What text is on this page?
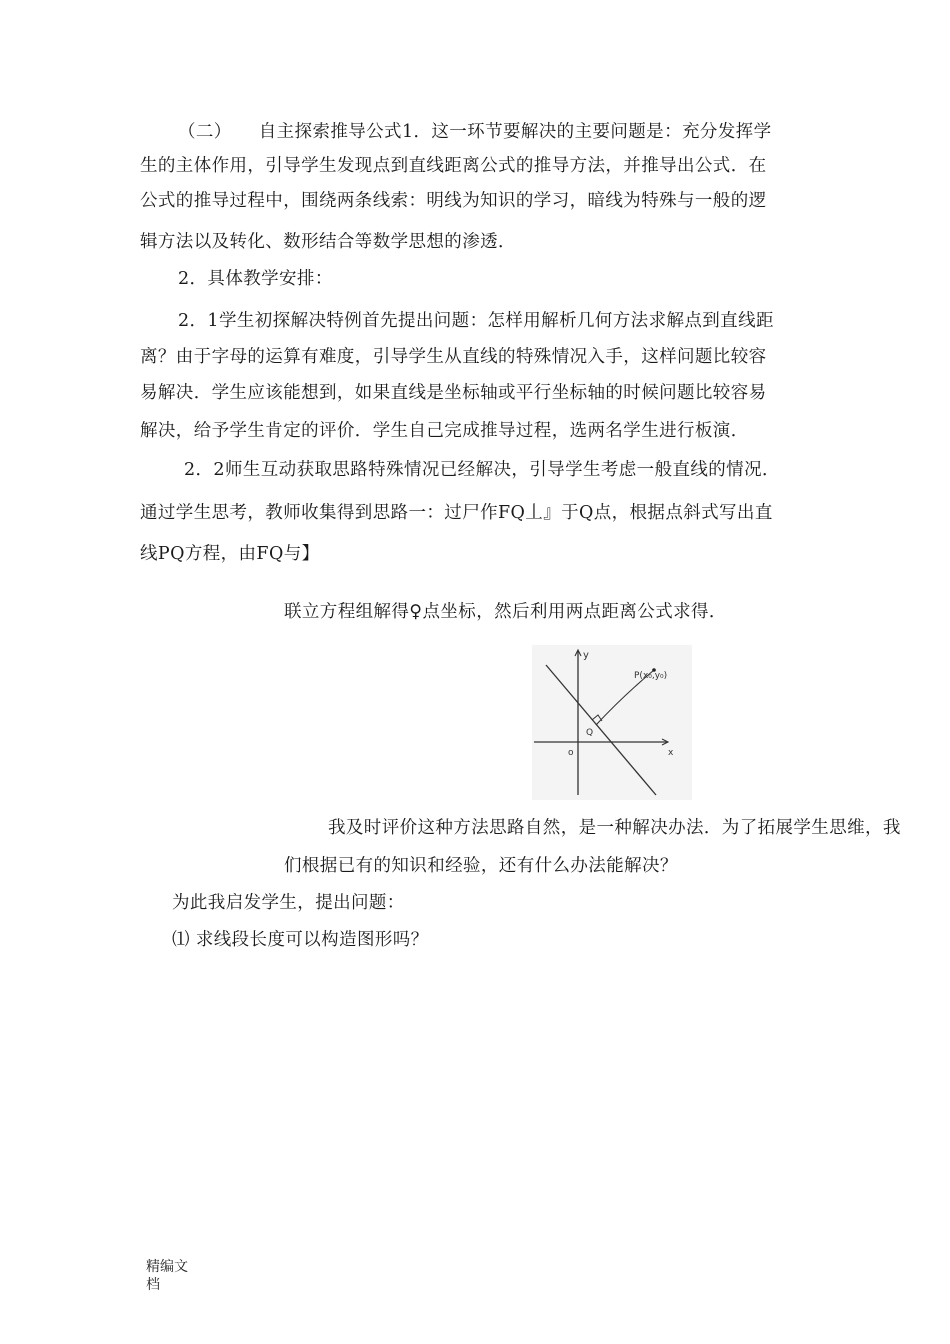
（二）　　自主探索推导公式1．这一环节要解决的主要问题是：充分发挥学
生的主体作用，引导学生发现点到直线距离公式的推导方法，并推导出公式．在
公式的推导过程中，围绕两条线索：明线为知识的学习，暗线为特殊与一般的逻
辑方法以及转化、数形结合等数学思想的渗透．
2．具体教学安排：
2．1学生初探解决特例首先提出问题：怎样用解析几何方法求解点到直线距
离？由于字母的运算有难度，引导学生从直线的特殊情况入手，这样问题比较容
易解决．学生应该能想到，如果直线是坐标轴或平行坐标轴的时候问题比较容易
解决，给予学生肯定的评价．学生自己完成推导过程，选两名学生进行板演．
2．2师生互动获取思路特殊情况已经解决，引导学生考虑一般直线的情况．
通过学生思考，教师收集得到思路一：过尸作FQ丄』于Q点，根据点斜式写出直
线PQ方程，由FQ与】
联立方程组解得♀点坐标，然后利用两点距离公式求得．
y
x
o
Q
P(x₀,y₀)
我及时评价这种方法思路自然，是一种解决办法．为了拓展学生思维，我
们根据已有的知识和经验，还有什么办法能解决？
为此我启发学生，提出问题：
⑴ 求线段长度可以构造图形吗？
精编文
档
